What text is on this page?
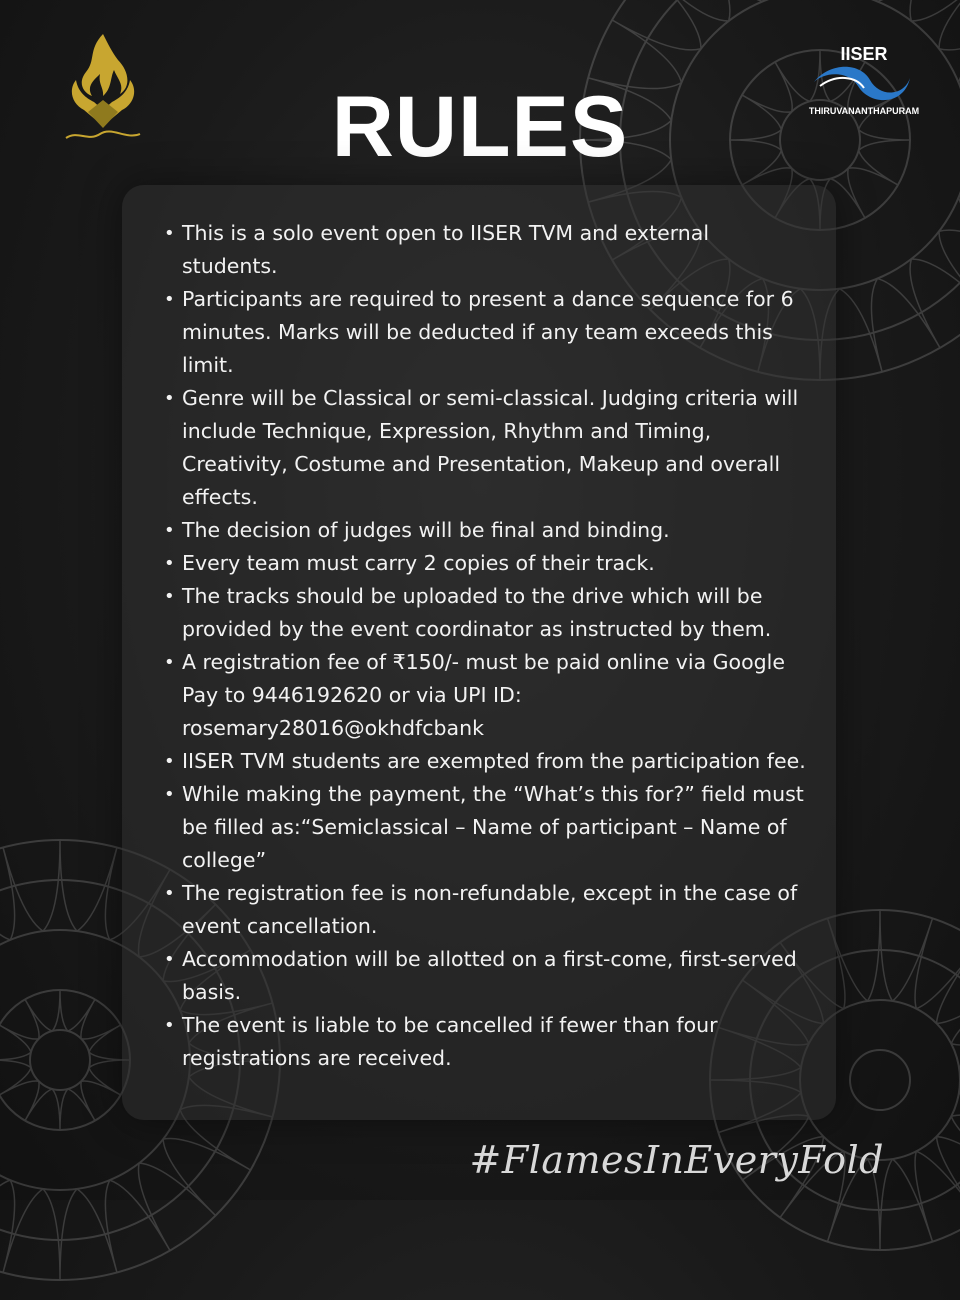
IISER
THIRUVANANTHAPURAM
RULES
• This is a solo event open to IISER TVM and external students.
• Participants are required to present a dance sequence for 6 minutes. Marks will be deducted if any team exceeds this limit.
• Genre will be Classical or semi-classical. Judging criteria will include Technique, Expression, Rhythm and Timing, Creativity, Costume and Presentation, Makeup and overall effects.
• The decision of judges will be final and binding.
• Every team must carry 2 copies of their track.
• The tracks should be uploaded to the drive which will be provided by the event coordinator as instructed by them.
• A registration fee of ₹150/- must be paid online via Google Pay to 9446192620 or via UPI ID: rosemary28016@okhdfcbank
• IISER TVM students are exempted from the participation fee.
• While making the payment, the “What’s this for?” field must be filled as:“Semiclassical – Name of participant – Name of college”
• The registration fee is non-refundable, except in the case of event cancellation.
• Accommodation will be allotted on a first-come, first-served basis.
• The event is liable to be cancelled if fewer than four registrations are received.
#FlamesInEveryFold
